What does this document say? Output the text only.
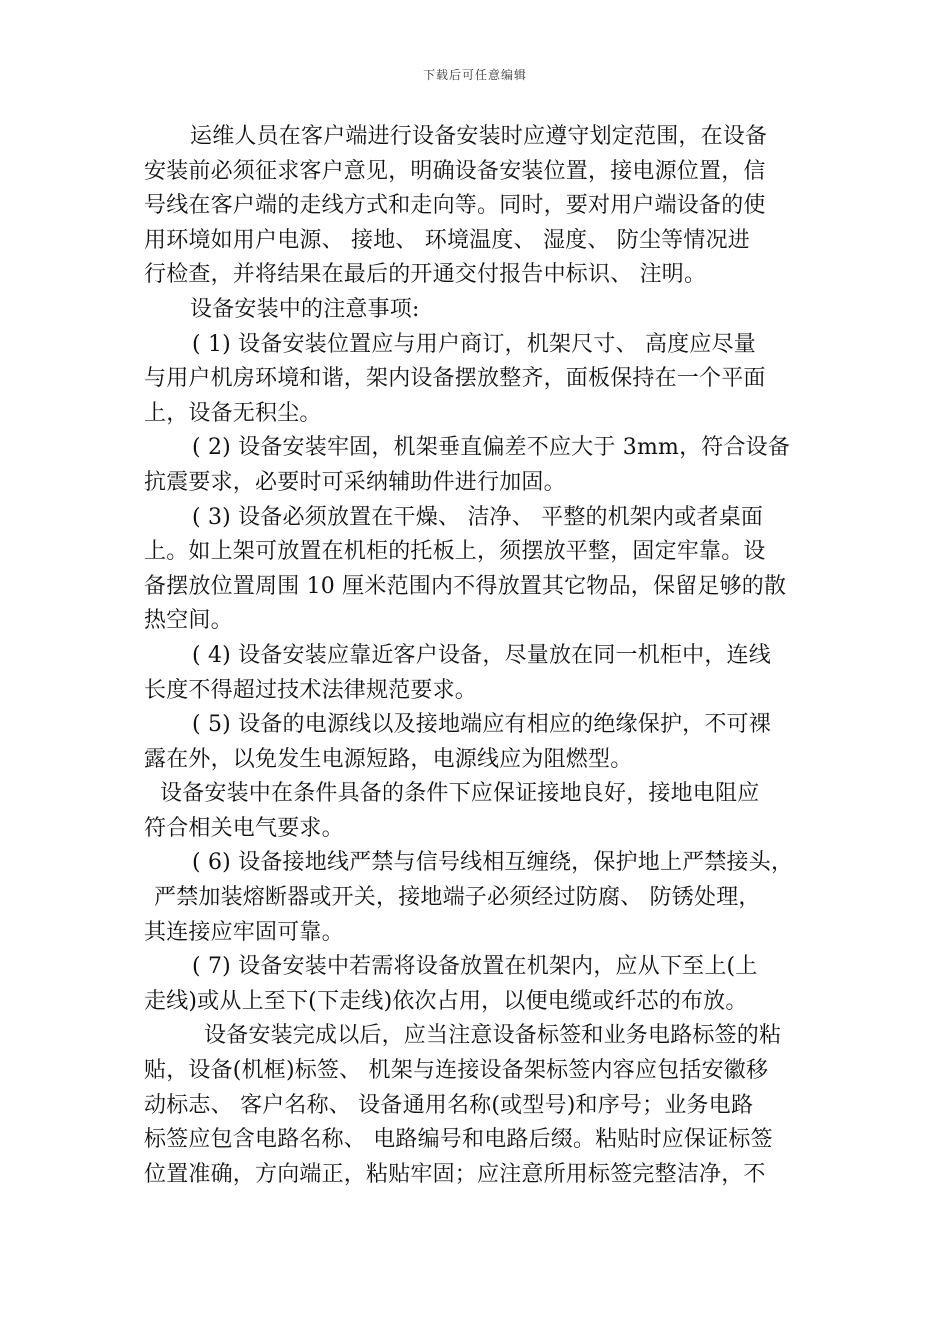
下载后可任意编辑
运维人员在客户端进行设备安装时应遵守划定范围，在设备
安装前必须征求客户意见，明确设备安装位置，接电源位置，信
号线在客户端的走线方式和走向等。同时，要对用户端设备的使
用环境如用户电源、 接地、 环境温度、 湿度、 防尘等情况进
行检查，并将结果在最后的开通交付报告中标识、 注明。
设备安装中的注意事项:
( 1) 设备安装位置应与用户商订，机架尺寸、 高度应尽量
与用户机房环境和谐，架内设备摆放整齐，面板保持在一个平面
上，设备无积尘。
( 2) 设备安装牢固，机架垂直偏差不应大于 3mm，符合设备
抗震要求，必要时可采纳辅助件进行加固。
( 3) 设备必须放置在干燥、 洁净、 平整的机架内或者桌面
上。如上架可放置在机柜的托板上，须摆放平整，固定牢靠。设
备摆放位置周围 10 厘米范围内不得放置其它物品，保留足够的散
热空间。
( 4) 设备安装应靠近客户设备，尽量放在同一机柜中，连线
长度不得超过技术法律规范要求。
( 5) 设备的电源线以及接地端应有相应的绝缘保护，不可裸
露在外，以免发生电源短路，电源线应为阻燃型。
设备安装中在条件具备的条件下应保证接地良好，接地电阻应
符合相关电气要求。
( 6) 设备接地线严禁与信号线相互缠绕，保护地上严禁接头，
严禁加装熔断器或开关，接地端子必须经过防腐、 防锈处理，
其连接应牢固可靠。
( 7) 设备安装中若需将设备放置在机架内，应从下至上(上
走线)或从上至下(下走线)依次占用，以便电缆或纤芯的布放。
设备安装完成以后，应当注意设备标签和业务电路标签的粘
贴，设备(机框)标签、 机架与连接设备架标签内容应包括安徽移
动标志、 客户名称、 设备通用名称(或型号)和序号；业务电路
标签应包含电路名称、 电路编号和电路后缀。粘贴时应保证标签
位置准确，方向端正，粘贴牢固；应注意所用标签完整洁净，不
